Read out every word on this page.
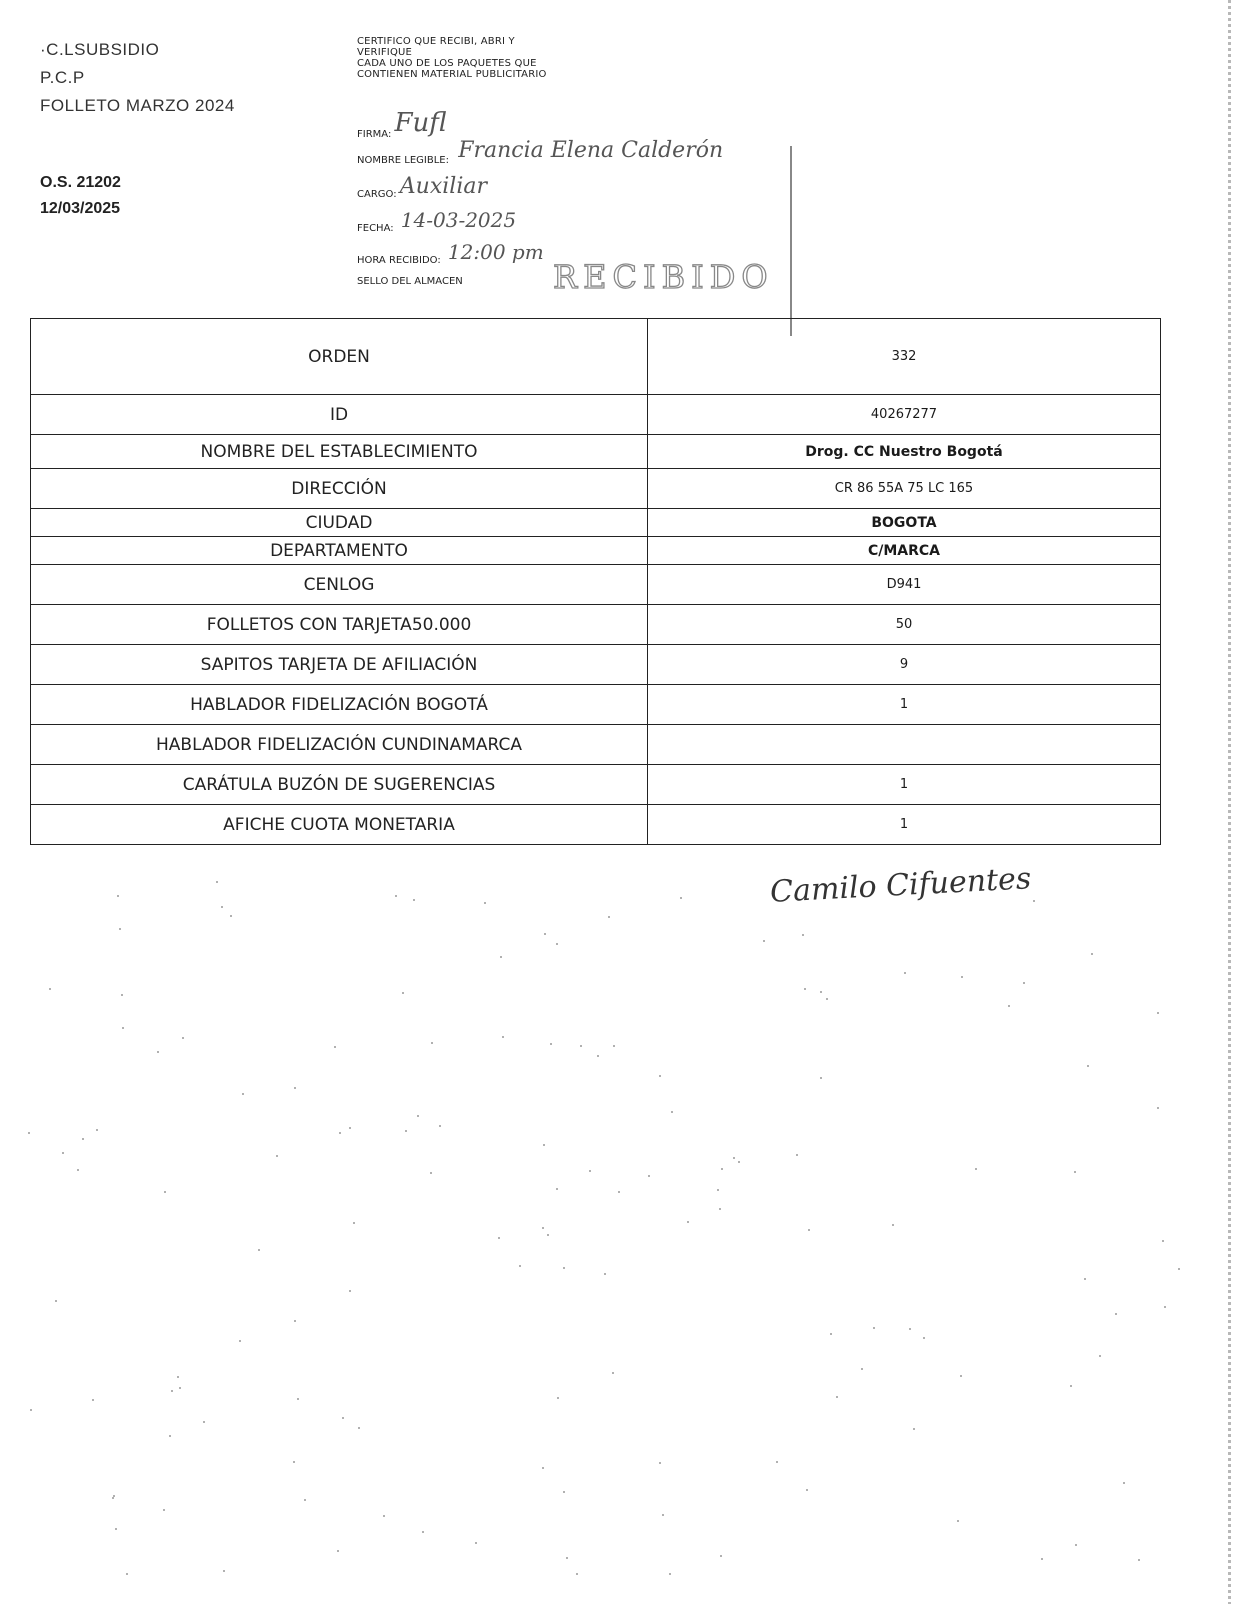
·C.LSUBSIDIO
P.C.P
FOLLETO MARZO 2024
O.S. 21202
12/03/2025
CERTIFICO QUE RECIBI, ABRI Y
VERIFIQUE
CADA UNO DE LOS PAQUETES QUE
CONTIENEN MATERIAL PUBLICITARIO
FIRMA: Fufl
NOMBRE LEGIBLE: Francia Elena Calderón
CARGO: Auxiliar
FECHA: 14-03-2025
HORA RECIBIDO: 12:00 pm
SELLO DEL ALMACEN	RECIBIDO
ORDEN	332
ID	40267277
NOMBRE DEL ESTABLECIMIENTO	Drog. CC Nuestro Bogotá
DIRECCIÓN	CR 86 55A 75 LC 165
CIUDAD	BOGOTA
DEPARTAMENTO	C/MARCA
CENLOG	D941
FOLLETOS CON TARJETA50.000	50
SAPITOS TARJETA DE AFILIACIÓN	9
HABLADOR FIDELIZACIÓN BOGOTÁ	1
HABLADOR FIDELIZACIÓN CUNDINAMARCA	
CARÁTULA BUZÓN DE SUGERENCIAS	1
AFICHE CUOTA MONETARIA	1
Camilo Cifuentes
